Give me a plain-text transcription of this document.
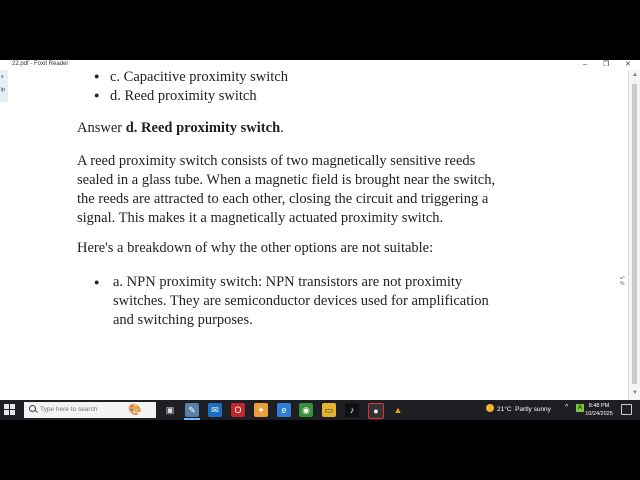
22.pdf - Foxit Reader	– ❐ ✕
s
lp
● c. Capacitive proximity switch
● d. Reed proximity switch

Answer d. Reed proximity switch.

A reed proximity switch consists of two magnetically sensitive reeds
sealed in a glass tube. When a magnetic field is brought near the switch,
the reeds are attracted to each other, closing the circuit and triggering a
signal. This makes it a magnetically actuated proximity switch.

Here's a breakdown of why the other options are not suitable:

● a. NPN proximity switch: NPN transistors are not proximity
switches. They are semiconductor devices used for amplification
and switching purposes.

=°
%
▲
▼
Type here to search
🎨	▣	✎	✉	O	✦	e	◉	▭	♪	●	▲	21°C Partly sunny ^	A	8:48 PM
10/24/2025
